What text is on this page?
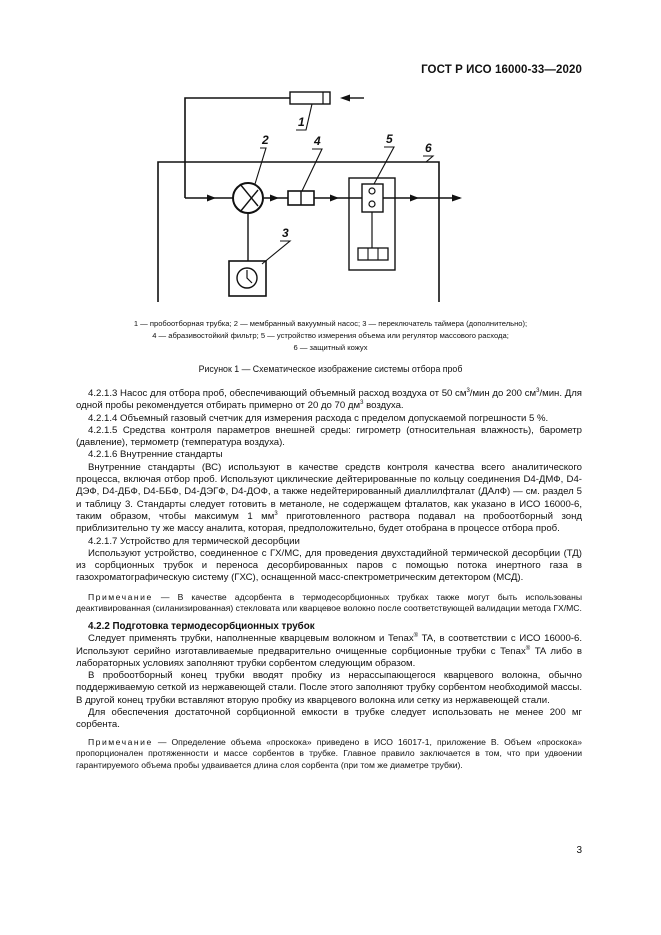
ГОСТ Р ИСО 16000-33—2020
1
2
3
4	5
6
1 — пробоотборная трубка; 2 — мембранный вакуумный насос; 3 — переключатель таймера (дополнительно);
4 — абразивостойкий фильтр; 5 — устройство измерения объема или регулятор массового расхода;
6 — защитный кожух
Рисунок 1 — Схематическое изображение системы отбора проб

4.2.1.3 Насос для отбора проб, обеспечивающий объемный расход воздуха от 50 $см^3$/мин до 200 $см^3$/мин. Для одной пробы рекомендуется отбирать примерно от 20 до 70 $дм^3$ воздуха.

4.2.1.4 Объемный газовый счетчик для измерения расхода с пределом допускаемой погрешности 5 %.

4.2.1.5 Средства контроля параметров внешней среды: гигрометр (относительная влажность), барометр (давление), термометр (температура воздуха).

4.2.1.6 Внутренние стандарты

Внутренние стандарты (ВС) используют в качестве средств контроля качества всего аналитического процесса, включая отбор проб. Используют циклические дейтерированные по кольцу соединения D4-ДМФ, D4-ДЭФ, D4-ДБФ, D4-ББФ, D4-ДЭГФ, D4-ДОФ, а также недейтерированный диаллилфталат (ДАлФ) — см. раздел 5 и таблицу 3. Стандарты следует готовить в метаноле, не содержащем фталатов, как указано в ИСО 16000-6, таким образом, чтобы максимум 1 $мм^3$ приготовленного раствора подавал на пробоотборный зонд приблизительно ту же массу аналита, которая, предположительно, будет отобрана в процессе отбора проб.

4.2.1.7 Устройство для термической десорбции

Используют устройство, соединенное с ГХ/МС, для проведения двухстадийной термической десорбции (ТД) из сорбционных трубок и переноса десорбированных паров с помощью потока инертного газа в газохроматографическую систему (ГХС), оснащенной масс-спектрометрическим детектором (МСД).

Примечание — В качестве адсорбента в термодесорбционных трубках также могут быть использованы деактивированная (силанизированная) стекловата или кварцевое волокно после соответствующей валидации метода ГХ/МС.

4.2.2 Подготовка термодесорбционных трубок

Следует применять трубки, наполненные кварцевым волокном и Tenax® TA, в соответствии с ИСО 16000-6. Используют серийно изготавливаемые предварительно очищенные сорбционные трубки с Tenax® TA либо в лабораторных условиях заполняют трубки сорбентом следующим образом.

В пробоотборный конец трубки вводят пробку из нерассыпающегося кварцевого волокна, обычно поддерживаемую сеткой из нержавеющей стали. После этого заполняют трубку сорбентом необходимой массы. В другой конец трубки вставляют вторую пробку из кварцевого волокна или сетку из нержавеющей стали.

Для обеспечения достаточной сорбционной емкости в трубке следует использовать не менее 200 мг сорбента.

Примечание — Определение объема «проскока» приведено в ИСО 16017-1, приложение B. Объем «проскока» пропорционален протяженности и массе сорбентов в трубке. Главное правило заключается в том, что при удвоении гарантируемого объема пробы удваивается длина слоя сорбента (при том же диаметре трубки).

3
